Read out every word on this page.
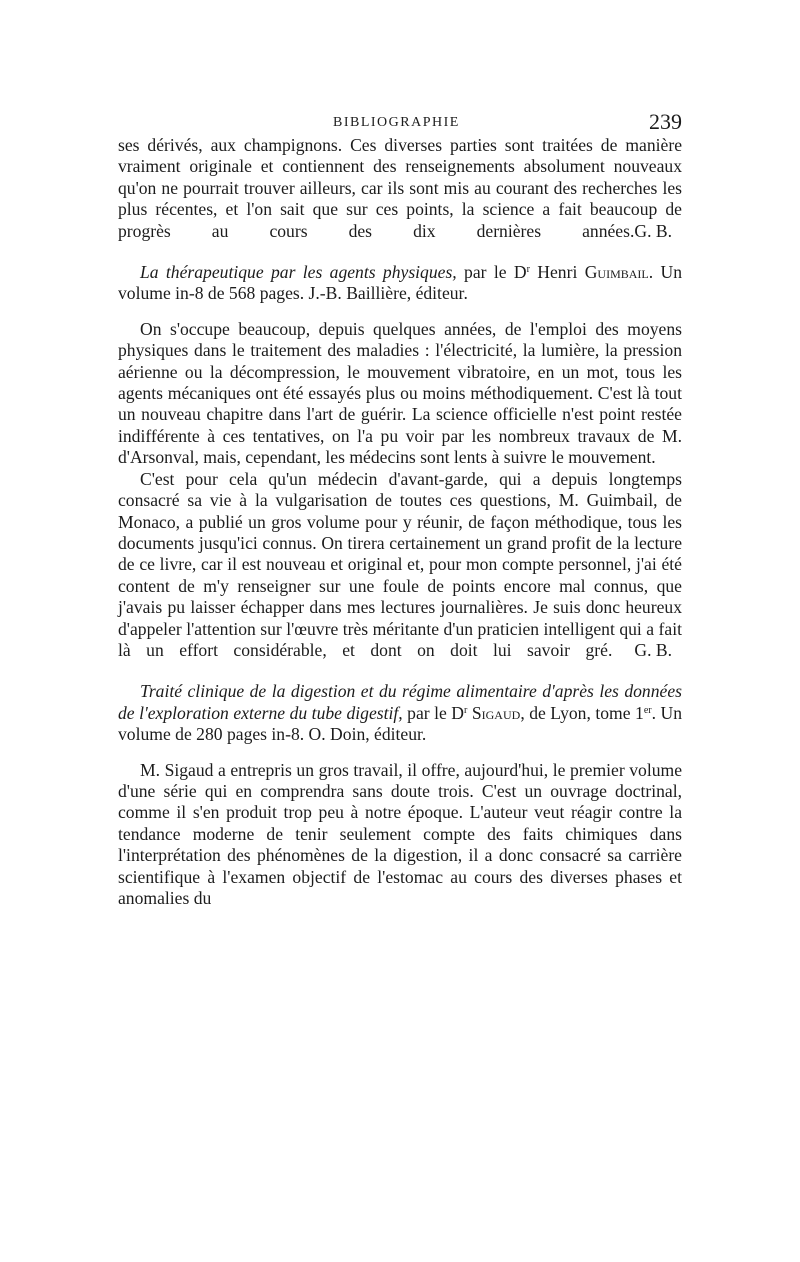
BIBLIOGRAPHIE	239

ses dérivés, aux champignons. Ces diverses parties sont traitées de manière vraiment originale et contiennent des renseignements absolument nouveaux qu'on ne pourrait trouver ailleurs, car ils sont mis au courant des recherches les plus récentes, et l'on sait que sur ces points, la science a fait beaucoup de progrès au cours des dix dernières années. G. B.

La thérapeutique par les agents physiques, par le $D^r$ Henri Guimbail. Un volume in-8 de 568 pages. J.-B. Baillière, éditeur.

On s'occupe beaucoup, depuis quelques années, de l'emploi des moyens physiques dans le traitement des maladies : l'électricité, la lumière, la pression aérienne ou la décompression, le mouvement vibratoire, en un mot, tous les agents mécaniques ont été essayés plus ou moins méthodiquement. C'est là tout un nouveau chapitre dans l'art de guérir. La science officielle n'est point restée indifférente à ces tentatives, on l'a pu voir par les nombreux travaux de M. d'Arsonval, mais, cependant, les médecins sont lents à suivre le mouvement.

C'est pour cela qu'un médecin d'avant-garde, qui a depuis longtemps consacré sa vie à la vulgarisation de toutes ces questions, M. Guimbail, de Monaco, a publié un gros volume pour y réunir, de façon méthodique, tous les documents jusqu'ici connus. On tirera certainement un grand profit de la lecture de ce livre, car il est nouveau et original et, pour mon compte personnel, j'ai été content de m'y renseigner sur une foule de points encore mal connus, que j'avais pu laisser échapper dans mes lectures journalières. Je suis donc heureux d'appeler l'attention sur l'œuvre très méritante d'un praticien intelligent qui a fait là un effort considérable, et dont on doit lui savoir gré.	G. B.

Traité clinique de la digestion et du régime alimentaire d'après les données de l'exploration externe du tube digestif, par le $D^r$ Sigaud, de Lyon, tome 1er. Un volume de 280 pages in-8. O. Doin, éditeur.

M. Sigaud a entrepris un gros travail, il offre, aujourd'hui, le premier volume d'une série qui en comprendra sans doute trois. C'est un ouvrage doctrinal, comme il s'en produit trop peu à notre époque. L'auteur veut réagir contre la tendance moderne de tenir seulement compte des faits chimiques dans l'interprétation des phénomènes de la digestion, il a donc consacré sa carrière scientifique à l'examen objectif de l'estomac au cours des diverses phases et anomalies du
